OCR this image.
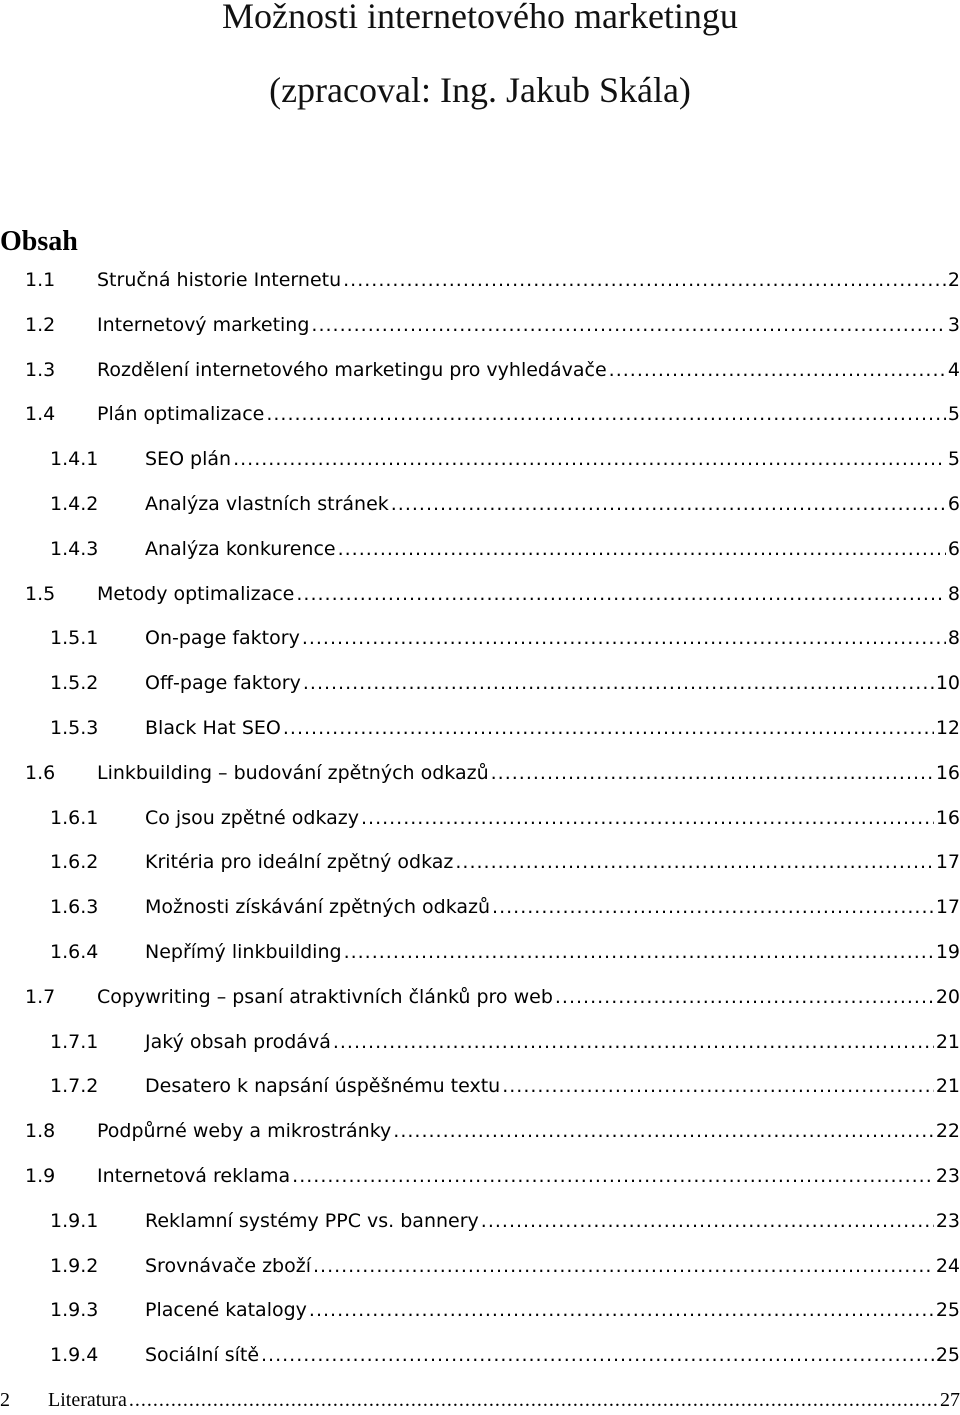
Možnosti internetového marketingu
(zpracoval: Ing. Jakub Skála)
Obsah
1.1	Stručná historie Internetu .....	2
1.2	Internetový marketing .....	3
1.3	Rozdělení internetového marketingu pro vyhledávače .....	4
1.4	Plán optimalizace .....	5
1.4.1	SEO plán .....	5
1.4.2	Analýza vlastních stránek .....	6
1.4.3	Analýza konkurence .....	6
1.5	Metody optimalizace .....	8
1.5.1	On-page faktory .....	8
1.5.2	Off-page faktory .....	10
1.5.3	Black Hat SEO .....	12
1.6	Linkbuilding – budování zpětných odkazů .....	16
1.6.1	Co jsou zpětné odkazy .....	16
1.6.2	Kritéria pro ideální zpětný odkaz .....	17
1.6.3	Možnosti získávání zpětných odkazů .....	17
1.6.4	Nepřímý linkbuilding .....	19
1.7	Copywriting – psaní atraktivních článků pro web .....	20
1.7.1	Jaký obsah prodává .....	21
1.7.2	Desatero k napsání úspěšnému textu .....	21
1.8	Podpůrné weby a mikrostránky .....	22
1.9	Internetová reklama .....	23
1.9.1	Reklamní systémy PPC vs. bannery .....	23
1.9.2	Srovnávače zboží .....	24
1.9.3	Placené katalogy .....	25
1.9.4	Sociální sítě .....	25
2	Literatura .....	27
